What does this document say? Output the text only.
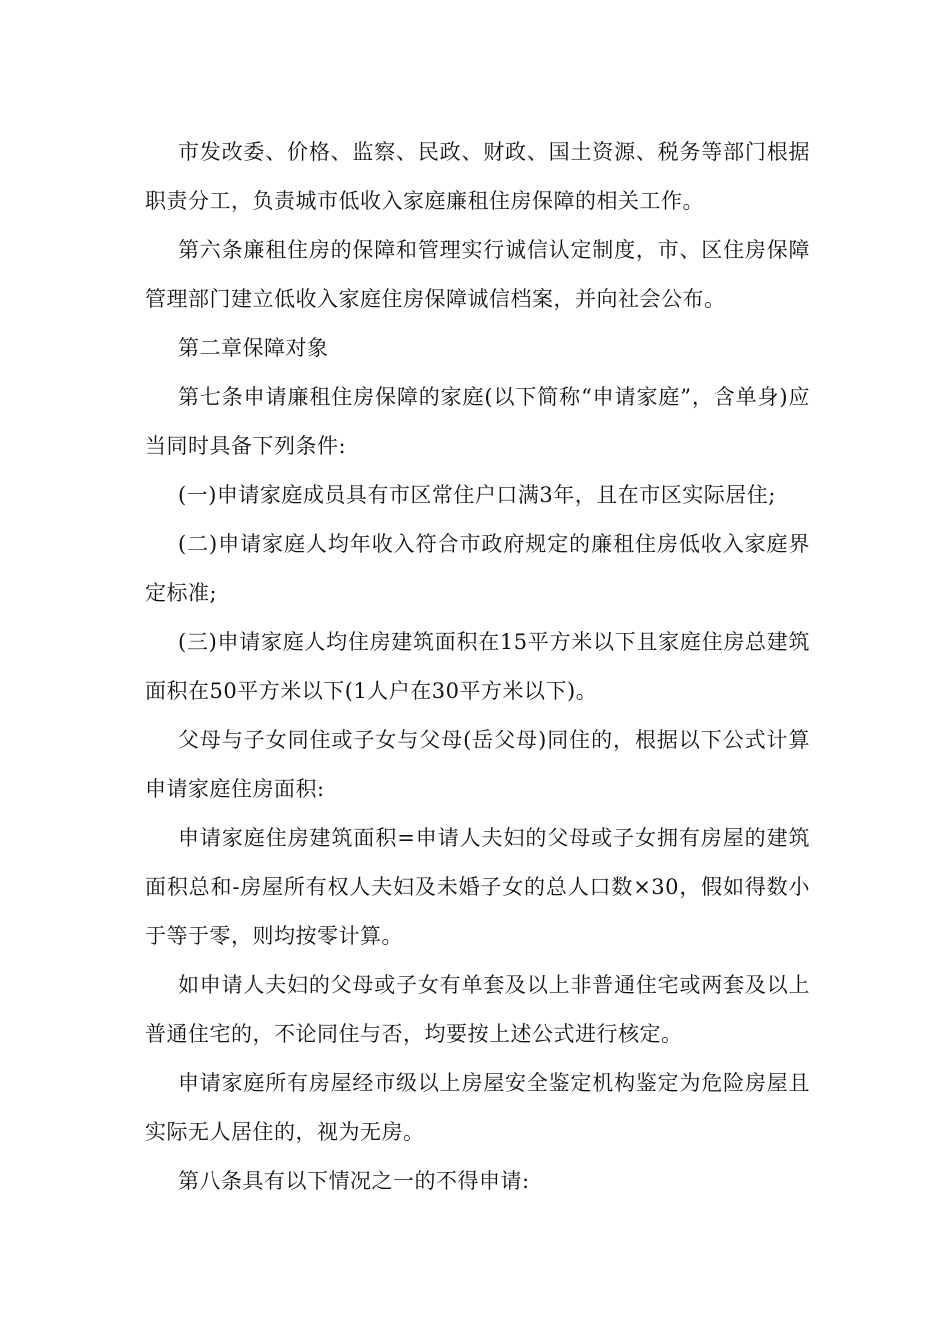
市发改委、价格、监察、民政、财政、国土资源、税务等部门根据职责分工，负责城市低收入家庭廉租住房保障的相关工作。

第六条廉租住房的保障和管理实行诚信认定制度，市、区住房保障管理部门建立低收入家庭住房保障诚信档案，并向社会公布。

第二章保障对象

第七条申请廉租住房保障的家庭(以下简称“申请家庭”，含单身)应当同时具备下列条件:

(一)申请家庭成员具有市区常住户口满3年，且在市区实际居住;

(二)申请家庭人均年收入符合市政府规定的廉租住房低收入家庭界定标准;

(三)申请家庭人均住房建筑面积在15平方米以下且家庭住房总建筑面积在50平方米以下(1人户在30平方米以下)。

父母与子女同住或子女与父母(岳父母)同住的，根据以下公式计算申请家庭住房面积:

申请家庭住房建筑面积=申请人夫妇的父母或子女拥有房屋的建筑面积总和-房屋所有权人夫妇及未婚子女的总人口数×30，假如得数小于等于零，则均按零计算。

如申请人夫妇的父母或子女有单套及以上非普通住宅或两套及以上普通住宅的，不论同住与否，均要按上述公式进行核定。

申请家庭所有房屋经市级以上房屋安全鉴定机构鉴定为危险房屋且实际无人居住的，视为无房。

第八条具有以下情况之一的不得申请:
